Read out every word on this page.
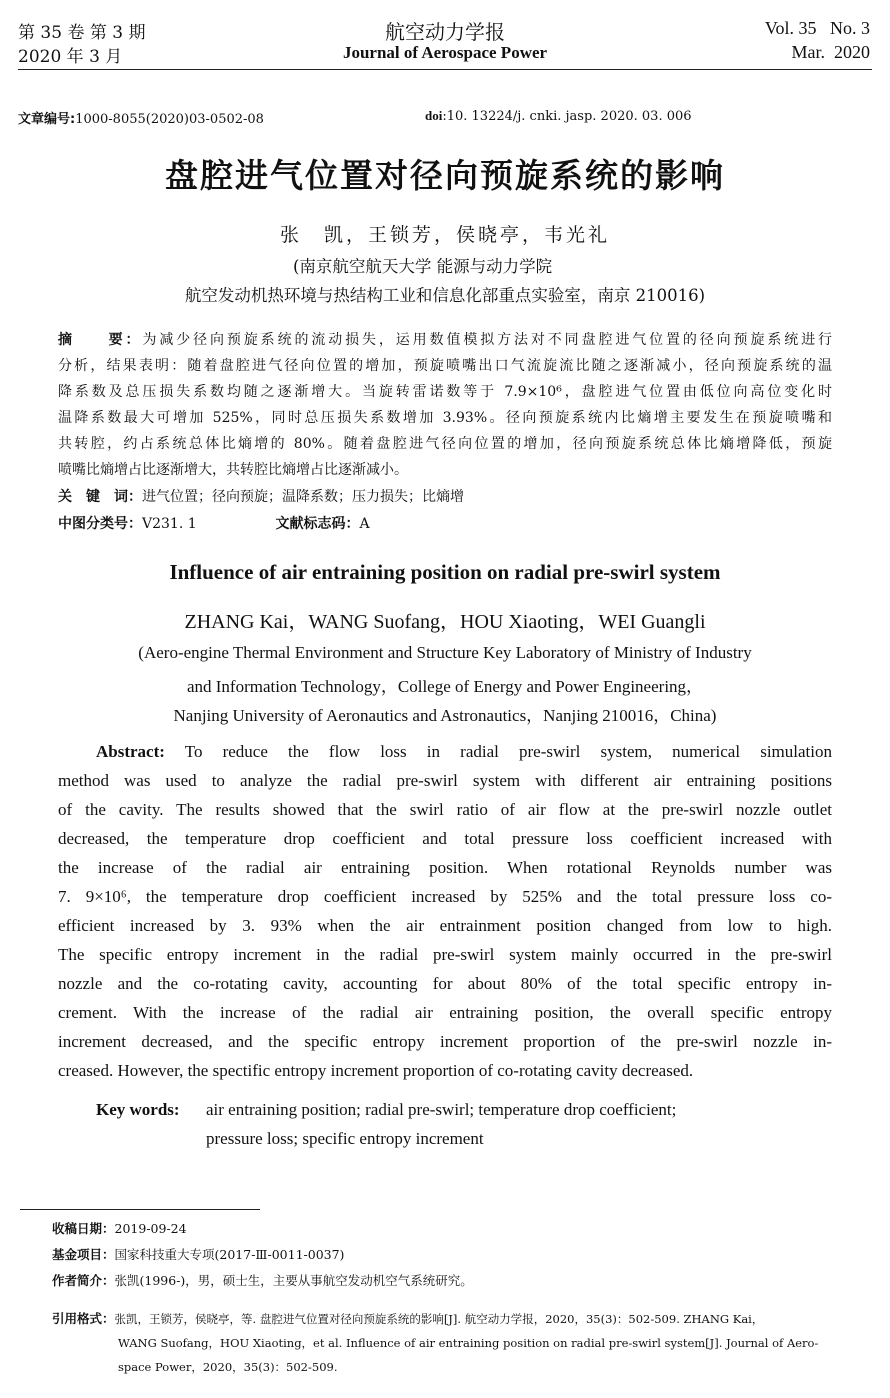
第 35 卷 第 3 期
2020 年 3 月
航空动力学报
Journal of Aerospace Power
Vol. 35   No. 3
Mar.  2020
文章编号:1000-8055(2020)03-0502-08	doi:10. 13224/j. cnki. jasp. 2020. 03. 006
盘腔进气位置对径向预旋系统的影响
张　凯，王锁芳，侯晓亭，韦光礼
(南京航空航天大学 能源与动力学院
航空发动机热环境与热结构工业和信息化部重点实验室，南京 210016)
摘　　要：为减少径向预旋系统的流动损失，运用数值模拟方法对不同盘腔进气位置的径向预旋系统进行
分析，结果表明：随着盘腔进气径向位置的增加，预旋喷嘴出口气流旋流比随之逐渐减小，径向预旋系统的温
降系数及总压损失系数均随之逐渐增大。当旋转雷诺数等于 7.9×10⁶，盘腔进气位置由低位向高位变化时
温降系数最大可增加 525%，同时总压损失系数增加 3.93%。径向预旋系统内比熵增主要发生在预旋喷嘴和
共转腔，约占系统总体比熵增的 80%。随着盘腔进气径向位置的增加，径向预旋系统总体比熵增降低，预旋
喷嘴比熵增占比逐渐增大，共转腔比熵增占比逐渐减小。
关　键　词：进气位置；径向预旋；温降系数；压力损失；比熵增
中图分类号：V231. 1	文献标志码：A
Influence of air entraining position on radial pre-swirl system
ZHANG Kai，WANG Suofang，HOU Xiaoting，WEI Guangli
(Aero-engine Thermal Environment and Structure Key Laboratory of Ministry of Industry
and Information Technology，College of Energy and Power Engineering，
Nanjing University of Aeronautics and Astronautics，Nanjing 210016，China)
Abstract: To reduce the flow loss in radial pre-swirl system, numerical simulation
method was used to analyze the radial pre-swirl system with different air entraining positions
of the cavity. The results showed that the swirl ratio of air flow at the pre-swirl nozzle outlet
decreased, the temperature drop coefficient and total pressure loss coefficient increased with
the increase of the radial air entraining position. When rotational Reynolds number was
7. 9×10⁶, the temperature drop coefficient increased by 525% and the total pressure loss co-
efficient increased by 3. 93% when the air entrainment position changed from low to high.
The specific entropy increment in the radial pre-swirl system mainly occurred in the pre-swirl
nozzle and the co-rotating cavity, accounting for about 80% of the total specific entropy in-
crement. With the increase of the radial air entraining position, the overall specific entropy
increment decreased, and the specific entropy increment proportion of the pre-swirl nozzle in-
creased. However, the spectific entropy increment proportion of co-rotating cavity decreased.
Key words: air entraining position; radial pre-swirl; temperature drop coefficient;
pressure loss; specific entropy increment
收稿日期：2019-09-24
基金项目：国家科技重大专项(2017-Ⅲ-0011-0037)
作者简介：张凯(1996-)，男，硕士生，主要从事航空发动机空气系统研究。
引用格式：张凯，王锁芳，侯晓亭，等. 盘腔进气位置对径向预旋系统的影响[J]. 航空动力学报，2020，35(3)：502-509. ZHANG Kai，
WANG Suofang，HOU Xiaoting，et al. Influence of air entraining position on radial pre-swirl system[J]. Journal of Aero-
space Power，2020，35(3)：502-509.
